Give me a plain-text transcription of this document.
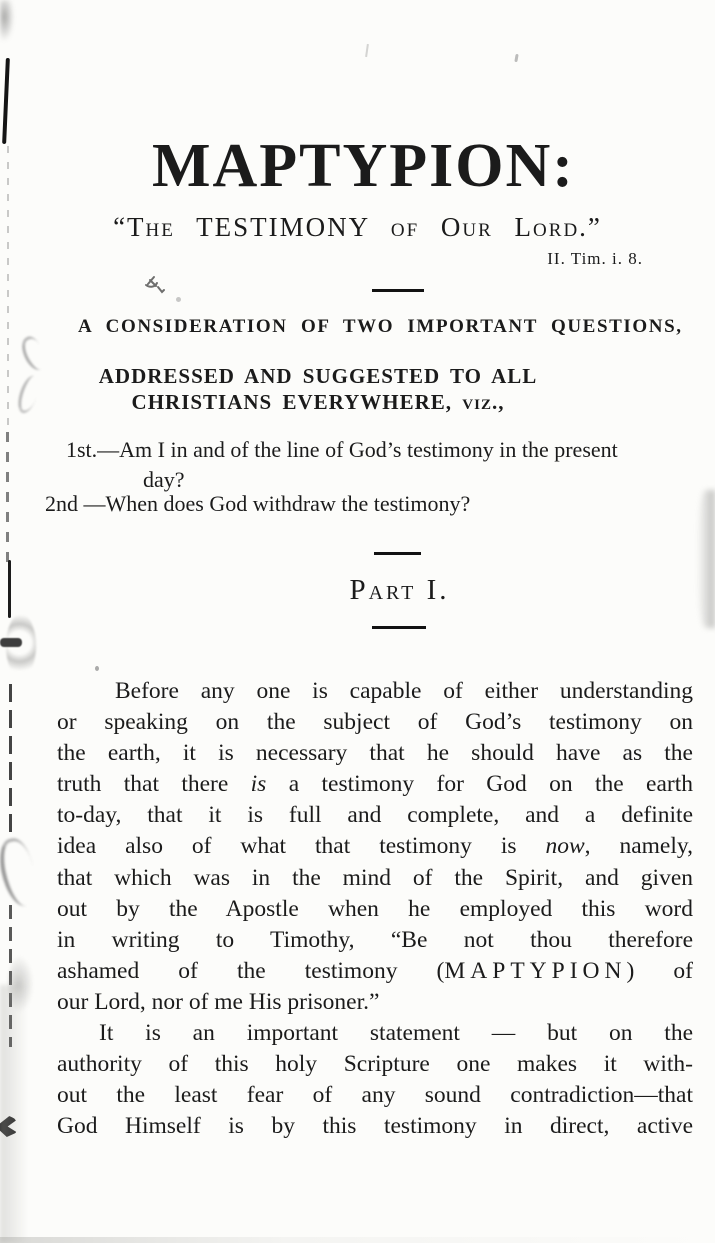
ΜΑΡΤΥΡΙΟΝ:
“The TESTIMONY of Our Lord.”
II. Tim. i. 8.
A CONSIDERATION OF TWO IMPORTANT QUESTIONS,
ADDRESSED AND SUGGESTED TO ALL
CHRISTIANS EVERYWHERE, viz.,
1st.—Am I in and of the line of God’s testimony in the present
day?
2nd —When does God withdraw the testimony?
Part I.
Before any one is capable of either understanding
or speaking on the subject of God’s testimony on
the earth, it is necessary that he should have as the
truth that there is a testimony for God on the earth
to-day, that it is full and complete, and a definite
idea also of what that testimony is now, namely,
that which was in the mind of the Spirit, and given
out by the Apostle when he employed this word
in writing to Timothy, “Be not thou therefore
ashamed of the testimony (ΜΑΡΤΥΡΙΟΝ) of
our Lord, nor of me His prisoner.”
It is an important statement — but on the
authority of this holy Scripture one makes it with-
out the least fear of any sound contradiction—that
God Himself is by this testimony in direct, active
